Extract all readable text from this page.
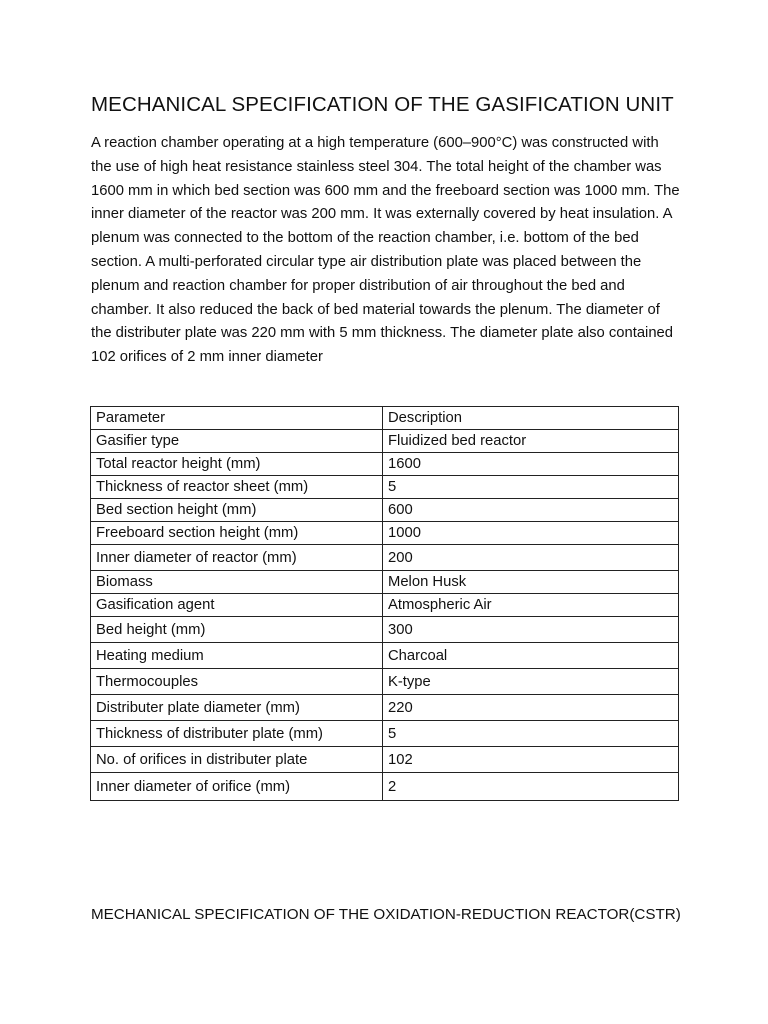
MECHANICAL SPECIFICATION OF THE GASIFICATION UNIT

A reaction chamber operating at a high temperature (600–900°C) was constructed with the use of high heat resistance stainless steel 304. The total height of the chamber was 1600 mm in which bed section was 600 mm and the freeboard section was 1000 mm. The inner diameter of the reactor was 200 mm. It was externally covered by heat insulation. A plenum was connected to the bottom of the reaction chamber, i.e. bottom of the bed section. A multi-perforated circular type air distribution plate was placed between the plenum and reaction chamber for proper distribution of air throughout the bed and chamber. It also reduced the back of bed material towards the plenum. The diameter of the distributer plate was 220 mm with 5 mm thickness. The diameter plate also contained 102 orifices of 2 mm inner diameter

Parameter	Description
Gasifier type	Fluidized bed reactor
Total reactor height (mm)	1600
Thickness of reactor sheet (mm)	5
Bed section height (mm)	600
Freeboard section height (mm)	1000
Inner diameter of reactor (mm)	200
Biomass	Melon Husk
Gasification agent	Atmospheric Air
Bed height (mm)	300
Heating medium	Charcoal
Thermocouples	K-type
Distributer plate diameter (mm)	220
Thickness of distributer plate (mm)	5
No. of orifices in distributer plate	102
Inner diameter of orifice (mm)	2
MECHANICAL SPECIFICATION OF THE OXIDATION-REDUCTION REACTOR(CSTR)
